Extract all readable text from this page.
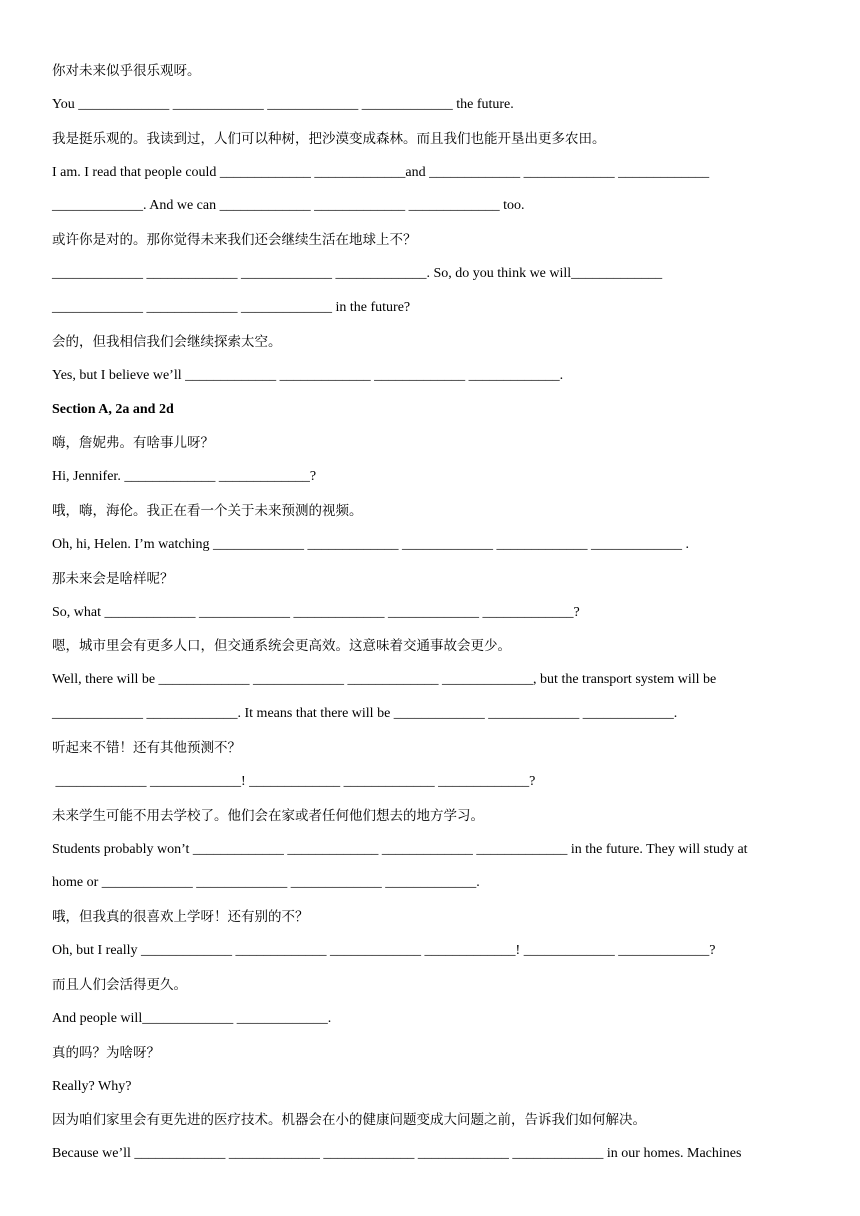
你对未来似乎很乐观呀。
You _____________ _____________ _____________ _____________ the future.
我是挺乐观的。我读到过，人们可以种树，把沙漠变成森林。而且我们也能开垦出更多农田。
I am. I read that people could _____________ _____________and _____________ _____________ _____________
_____________. And we can _____________ _____________ _____________ too.
或许你是对的。那你觉得未来我们还会继续生活在地球上不？
_____________ _____________ _____________ _____________. So, do you think we will_____________
_____________ _____________ _____________ in the future?
会的，但我相信我们会继续探索太空。
Yes, but I believe we’ll _____________ _____________ _____________ _____________.
Section A, 2a and 2d
嗨，詹妮弗。有啥事儿呀？
Hi, Jennifer. _____________ _____________?
哦，嗨，海伦。我正在看一个关于未来预测的视频。
Oh, hi, Helen. I’m watching _____________ _____________ _____________ _____________ _____________ .
那未来会是啥样呢？
So, what _____________ _____________ _____________ _____________ _____________?
嗯，城市里会有更多人口，但交通系统会更高效。这意味着交通事故会更少。
Well, there will be _____________ _____________ _____________ _____________, but the transport system will be
_____________ _____________. It means that there will be _____________ _____________ _____________.
听起来不错！还有其他预测不？
_____________ _____________! _____________ _____________ _____________?
未来学生可能不用去学校了。他们会在家或者任何他们想去的地方学习。
Students probably won’t _____________ _____________ _____________ _____________ in the future. They will study at
home or _____________ _____________ _____________ _____________.
哦，但我真的很喜欢上学呀！还有别的不？
Oh, but I really _____________ _____________ _____________ _____________! _____________ _____________?
而且人们会活得更久。
And people will_____________ _____________.
真的吗？为啥呀？
Really? Why?
因为咱们家里会有更先进的医疗技术。机器会在小的健康问题变成大问题之前，告诉我们如何解决。
Because we’ll _____________ _____________ _____________ _____________ _____________ in our homes. Machines
